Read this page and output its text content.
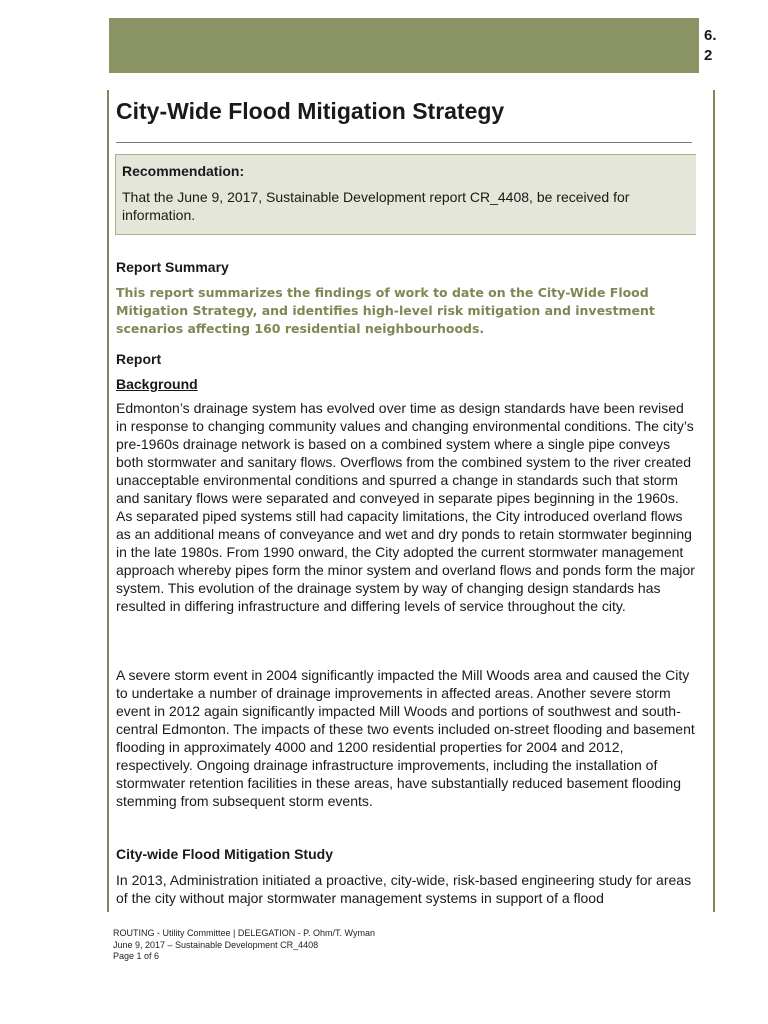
6.
2
City-Wide Flood Mitigation Strategy
Recommendation:
That the June 9, 2017, Sustainable Development report CR_4408, be received for information.
Report Summary

This report summarizes the findings of work to date on the City-Wide Flood Mitigation Strategy, and identifies high-level risk mitigation and investment scenarios affecting 160 residential neighbourhoods.

Report
Background

Edmonton’s drainage system has evolved over time as design standards have been revised in response to changing community values and changing environmental conditions. The city’s pre-1960s drainage network is based on a combined system where a single pipe conveys both stormwater and sanitary flows. Overflows from the combined system to the river created unacceptable environmental conditions and spurred a change in standards such that storm and sanitary flows were separated and conveyed in separate pipes beginning in the 1960s. As separated piped systems still had capacity limitations, the City introduced overland flows as an additional means of conveyance and wet and dry ponds to retain stormwater beginning in the late 1980s. From 1990 onward, the City adopted the current stormwater management approach whereby pipes form the minor system and overland flows and ponds form the major system. This evolution of the drainage system by way of changing design standards has resulted in differing infrastructure and differing levels of service throughout the city.

A severe storm event in 2004 significantly impacted the Mill Woods area and caused the City to undertake a number of drainage improvements in affected areas. Another severe storm event in 2012 again significantly impacted Mill Woods and portions of southwest and south-central Edmonton. The impacts of these two events included on-street flooding and basement flooding in approximately 4000 and 1200 residential properties for 2004 and 2012, respectively. Ongoing drainage infrastructure improvements, including the installation of stormwater retention facilities in these areas, have substantially reduced basement flooding stemming from subsequent storm events.

City-wide Flood Mitigation Study

In 2013, Administration initiated a proactive, city-wide, risk-based engineering study for areas of the city without major stormwater management systems in support of a flood

ROUTING - Utility Committee | DELEGATION - P. Ohm/T. Wyman
June 9, 2017 – Sustainable Development CR_4408
Page 1 of 6
